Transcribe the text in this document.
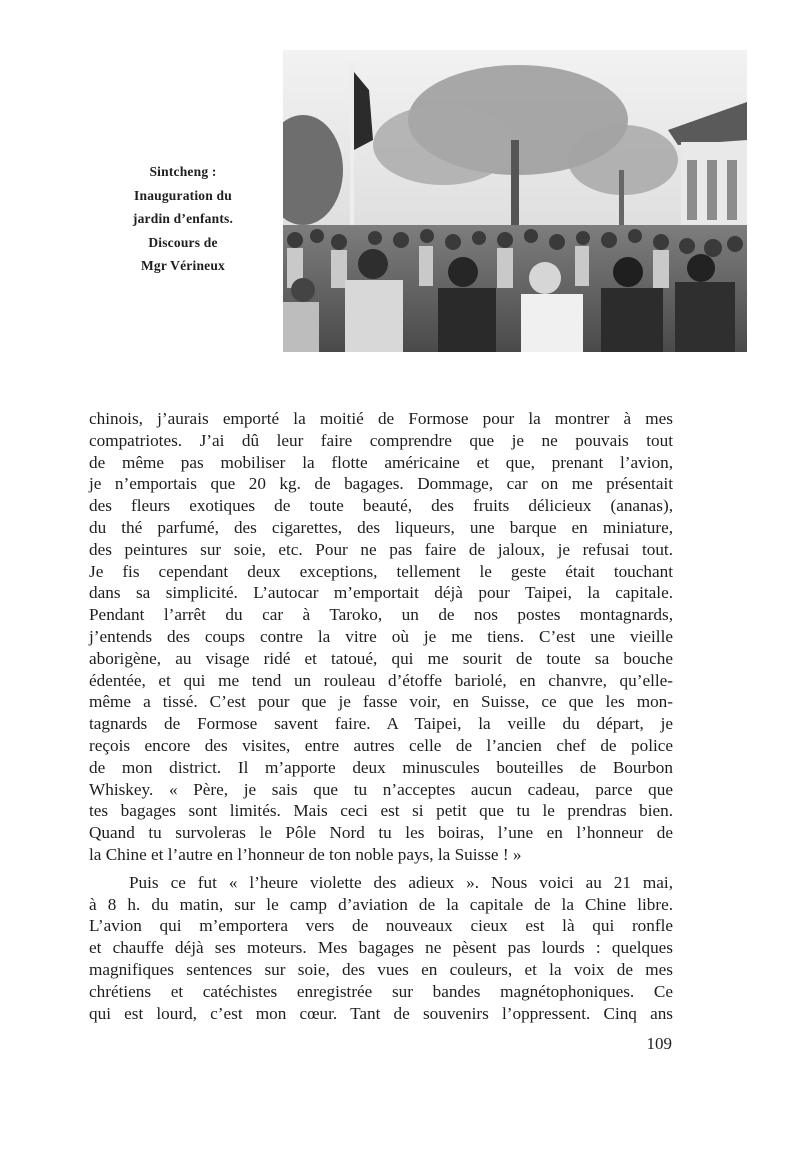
Sintcheng :
Inauguration du
jardin d’enfants.
Discours de
Mgr Vérineux
chinois, j’aurais emporté la moitié de Formose pour la montrer à mes
compatriotes. J’ai dû leur faire comprendre que je ne pouvais tout
de même pas mobiliser la flotte américaine et que, prenant l’avion,
je n’emportais que 20 kg. de bagages. Dommage, car on me présentait
des fleurs exotiques de toute beauté, des fruits délicieux (ananas),
du thé parfumé, des cigarettes, des liqueurs, une barque en miniature,
des peintures sur soie, etc. Pour ne pas faire de jaloux, je refusai tout.
Je fis cependant deux exceptions, tellement le geste était touchant
dans sa simplicité. L’autocar m’emportait déjà pour Taipei, la capitale.
Pendant l’arrêt du car à Taroko, un de nos postes montagnards,
j’entends des coups contre la vitre où je me tiens. C’est une vieille
aborigène, au visage ridé et tatoué, qui me sourit de toute sa bouche
édentée, et qui me tend un rouleau d’étoffe bariolé, en chanvre, qu’elle-
même a tissé. C’est pour que je fasse voir, en Suisse, ce que les mon-
tagnards de Formose savent faire. A Taipei, la veille du départ, je
reçois encore des visites, entre autres celle de l’ancien chef de police
de mon district. Il m’apporte deux minuscules bouteilles de Bourbon
Whiskey. « Père, je sais que tu n’acceptes aucun cadeau, parce que
tes bagages sont limités. Mais ceci est si petit que tu le prendras bien.
Quand tu survoleras le Pôle Nord tu les boiras, l’une en l’honneur de
la Chine et l’autre en l’honneur de ton noble pays, la Suisse ! »
Puis ce fut « l’heure violette des adieux ». Nous voici au 21 mai,
à 8 h. du matin, sur le camp d’aviation de la capitale de la Chine libre.
L’avion qui m’emportera vers de nouveaux cieux est là qui ronfle
et chauffe déjà ses moteurs. Mes bagages ne pèsent pas lourds : quelques
magnifiques sentences sur soie, des vues en couleurs, et la voix de mes
chrétiens et catéchistes enregistrée sur bandes magnétophoniques. Ce
qui est lourd, c’est mon cœur. Tant de souvenirs l’oppressent. Cinq ans
109
